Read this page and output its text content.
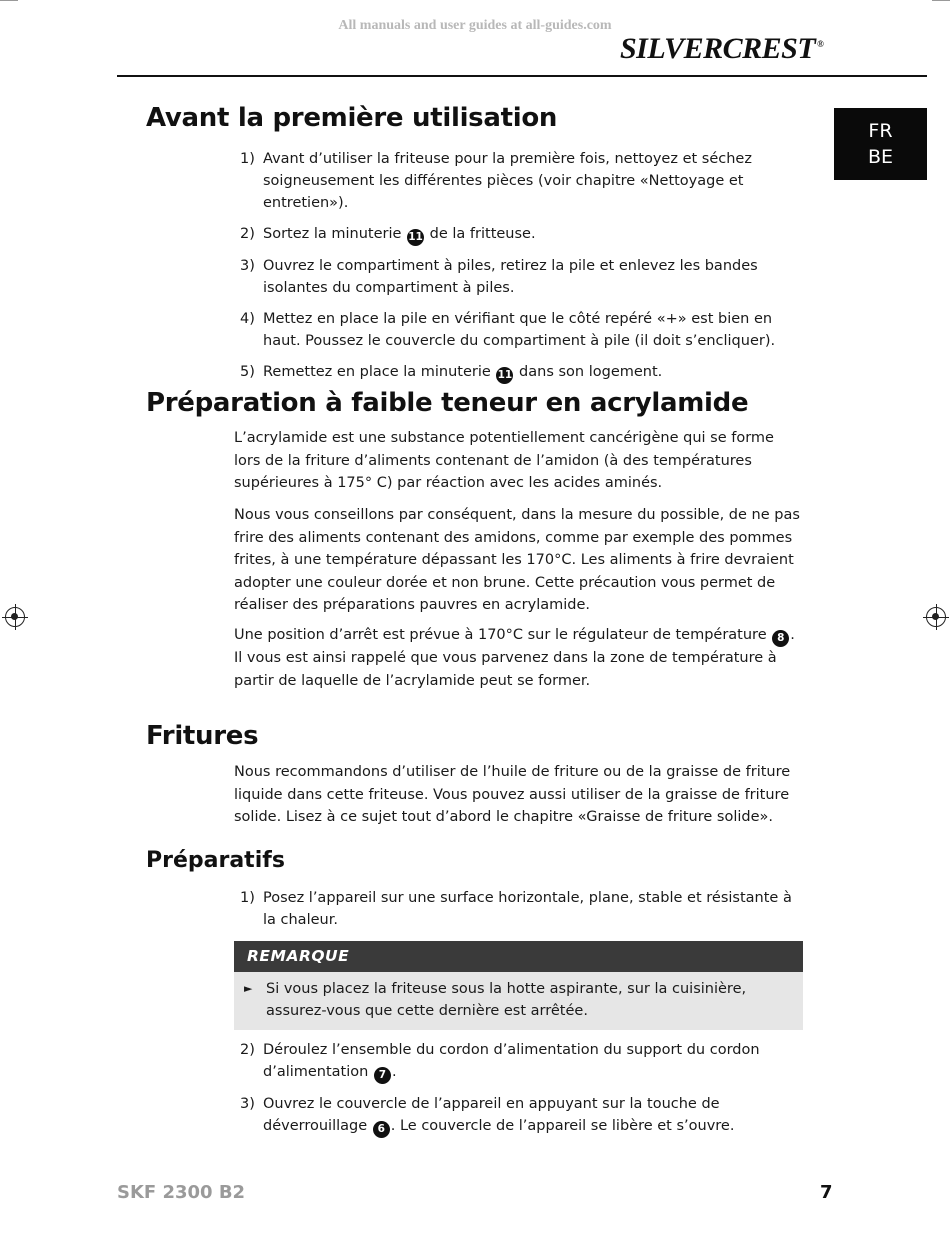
All manuals and user guides at all-guides.com
SILVERCREST ®
FR
BE
Avant la première utilisation
1) Avant d’utiliser la friteuse pour la première fois, nettoyez et séchez soigneusement les différentes pièces (voir chapitre «Nettoyage et entretien»).
2) Sortez la minuterie 11 de la fritteuse.
3) Ouvrez le compartiment à piles, retirez la pile et enlevez les bandes isolantes du compartiment à piles.
4) Mettez en place la pile en vérifiant que le côté repéré «+» est bien en haut. Poussez le couvercle du compartiment à pile (il doit s’encliquer).
5) Remettez en place la minuterie 11 dans son logement.
Préparation à faible teneur en acrylamide

L’acrylamide est une substance potentiellement cancérigène qui se forme lors de la friture d’aliments contenant de l’amidon (à des températures supérieures à 175° C) par réaction avec les acides aminés.

Nous vous conseillons par conséquent, dans la mesure du possible, de ne pas frire des aliments contenant des amidons, comme par exemple des pommes frites, à une température dépassant les 170°C. Les aliments à frire devraient adopter une couleur dorée et non brune. Cette précaution vous permet de réaliser des préparations pauvres en acrylamide.

Une position d’arrêt est prévue à 170°C sur le régulateur de température 8 . Il vous est ainsi rappelé que vous parvenez dans la zone de température à partir de laquelle de l’acrylamide peut se former.

Fritures

Nous recommandons d’utiliser de l’huile de friture ou de la graisse de friture liquide dans cette friteuse. Vous pouvez aussi utiliser de la graisse de friture solide. Lisez à ce sujet tout d’abord le chapitre «Graisse de friture solide».

Préparatifs
1) Posez l’appareil sur une surface horizontale, plane, stable et résistante à la chaleur.
REMARQUE
► Si vous placez la friteuse sous la hotte aspirante, sur la cuisinière, assurez-vous que cette dernière est arrêtée.
2) Déroulez l’ensemble du cordon d’alimentation du support du cordon d’alimentation 7 .
3) Ouvrez le couvercle de l’appareil en appuyant sur la touche de déverrouillage 6 . Le couvercle de l’appareil se libère et s’ouvre.
SKF 2300 B2	7
